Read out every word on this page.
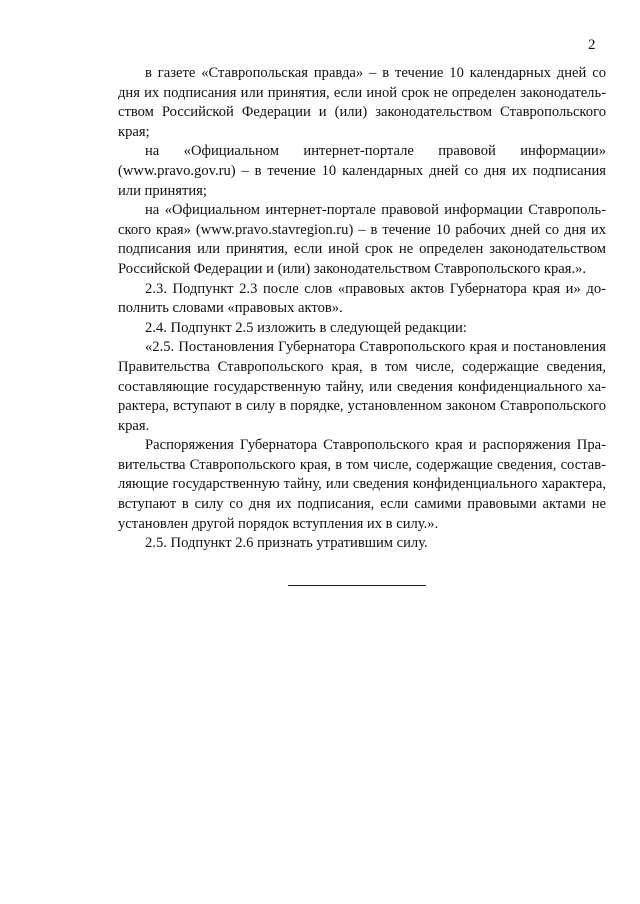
2

в газете «Ставропольская правда» – в течение 10 календарных дней со дня их подписания или принятия, если иной срок не определен законодательством Российской Федерации и (или) законодательством Ставропольского края;

на «Официальном интернет-портале правовой информации» (www.pravo.gov.ru) – в течение 10 календарных дней со дня их подписания или принятия;

на «Официальном интернет-портале правовой информации Ставропольского края» (www.pravo.stavregion.ru) – в течение 10 рабочих дней со дня их подписания или принятия, если иной срок не определен законодательством Российской Федерации и (или) законодательством Ставропольского края.».

2.3. Подпункт 2.3 после слов «правовых актов Губернатора края и» дополнить словами «правовых актов».

2.4. Подпункт 2.5 изложить в следующей редакции:

«2.5. Постановления Губернатора Ставропольского края и постановления Правительства Ставропольского края, в том числе, содержащие сведения, составляющие государственную тайну, или сведения конфиденциального характера, вступают в силу в порядке, установленном законом Ставропольского края.

Распоряжения Губернатора Ставропольского края и распоряжения Правительства Ставропольского края, в том числе, содержащие сведения, составляющие государственную тайну, или сведения конфиденциального характера, вступают в силу со дня их подписания, если самими правовыми актами не установлен другой порядок вступления их в силу.».

2.5. Подпункт 2.6 признать утратившим силу.
